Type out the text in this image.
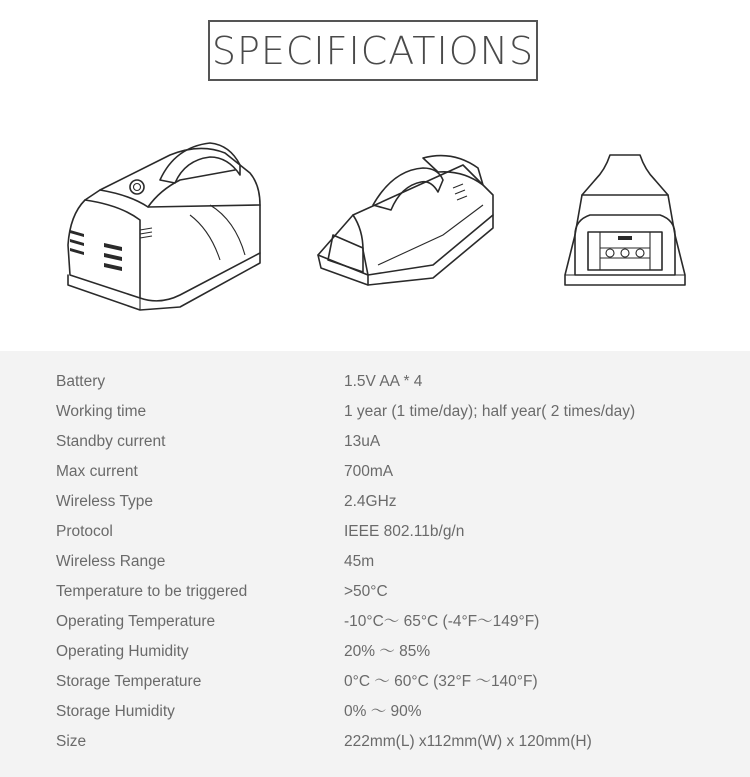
SPECIFICATIONS
Battery	1.5V AA * 4
Working time	1 year (1 time/day); half year( 2 times/day)
Standby current	13uA
Max current	700mA
Wireless Type	2.4GHz
Protocol	IEEE 802.11b/g/n
Wireless Range	45m
Temperature to be triggered	>50°C
Operating Temperature	-10°C～ 65°C (-4°F～149°F)
Operating Humidity	20% ～ 85%
Storage Temperature	0°C ～ 60°C (32°F ～140°F)
Storage Humidity	0% ～ 90%
Size	222mm(L) x112mm(W) x 120mm(H)
